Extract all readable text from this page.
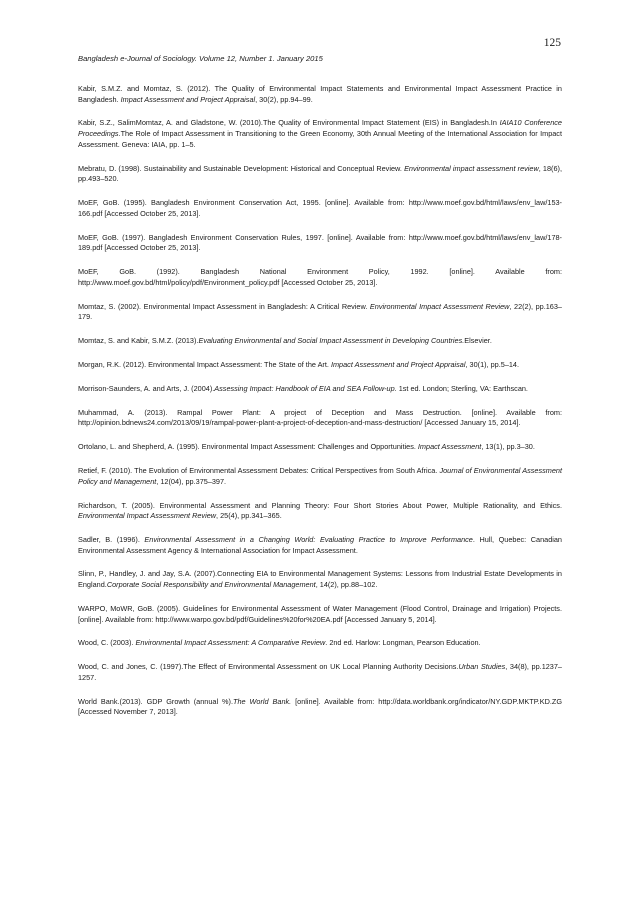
125
Bangladesh e-Journal of Sociology. Volume 12, Number 1. January 2015

Kabir, S.M.Z. and Momtaz, S. (2012). The Quality of Environmental Impact Statements and Environmental Impact Assessment Practice in Bangladesh. Impact Assessment and Project Appraisal, 30(2), pp.94–99.

Kabir, S.Z., SalimMomtaz, A. and Gladstone, W. (2010).The Quality of Environmental Impact Statement (EIS) in Bangladesh.In IAIA10 Conference Proceedings.The Role of Impact Assessment in Transitioning to the Green Economy, 30th Annual Meeting of the International Association for Impact Assessment. Geneva: IAIA, pp. 1–5.

Mebratu, D. (1998). Sustainability and Sustainable Development: Historical and Conceptual Review. Environmental impact assessment review, 18(6), pp.493–520.

MoEF, GoB. (1995). Bangladesh Environment Conservation Act, 1995. [online]. Available from: http://www.moef.gov.bd/html/laws/env_law/153-166.pdf [Accessed October 25, 2013].

MoEF, GoB. (1997). Bangladesh Environment Conservation Rules, 1997. [online]. Available from: http://www.moef.gov.bd/html/laws/env_law/178-189.pdf [Accessed October 25, 2013].

MoEF, GoB. (1992). Bangladesh National Environment Policy, 1992. [online]. Available from: http://www.moef.gov.bd/html/policy/pdf/Environment_policy.pdf [Accessed October 25, 2013].

Momtaz, S. (2002). Environmental Impact Assessment in Bangladesh: A Critical Review. Environmental Impact Assessment Review, 22(2), pp.163–179.

Momtaz, S. and Kabir, S.M.Z. (2013).Evaluating Environmental and Social Impact Assessment in Developing Countries.Elsevier.

Morgan, R.K. (2012). Environmental Impact Assessment: The State of the Art. Impact Assessment and Project Appraisal, 30(1), pp.5–14.

Morrison-Saunders, A. and Arts, J. (2004).Assessing Impact: Handbook of EIA and SEA Follow-up. 1st ed. London; Sterling, VA: Earthscan.

Muhammad, A. (2013). Rampal Power Plant: A project of Deception and Mass Destruction. [online]. Available from: http://opinion.bdnews24.com/2013/09/19/rampal-power-plant-a-project-of-deception-and-mass-destruction/ [Accessed January 15, 2014].

Ortolano, L. and Shepherd, A. (1995). Environmental Impact Assessment: Challenges and Opportunities. Impact Assessment, 13(1), pp.3–30.

Retief, F. (2010). The Evolution of Environmental Assessment Debates: Critical Perspectives from South Africa. Journal of Environmental Assessment Policy and Management, 12(04), pp.375–397.

Richardson, T. (2005). Environmental Assessment and Planning Theory: Four Short Stories About Power, Multiple Rationality, and Ethics. Environmental Impact Assessment Review, 25(4), pp.341–365.

Sadler, B. (1996). Environmental Assessment in a Changing World: Evaluating Practice to Improve Performance. Hull, Quebec: Canadian Environmental Assessment Agency & International Association for Impact Assessment.

Slinn, P., Handley, J. and Jay, S.A. (2007).Connecting EIA to Environmental Management Systems: Lessons from Industrial Estate Developments in England.Corporate Social Responsibility and Environmental Management, 14(2), pp.88–102.

WARPO, MoWR, GoB. (2005). Guidelines for Environmental Assessment of Water Management (Flood Control, Drainage and Irrigation) Projects. [online]. Available from: http://www.warpo.gov.bd/pdf/Guidelines%20for%20EA.pdf [Accessed January 5, 2014].

Wood, C. (2003). Environmental Impact Assessment: A Comparative Review. 2nd ed. Harlow: Longman, Pearson Education.

Wood, C. and Jones, C. (1997).The Effect of Environmental Assessment on UK Local Planning Authority Decisions.Urban Studies, 34(8), pp.1237–1257.

World Bank.(2013). GDP Growth (annual %).The World Bank. [online]. Available from: http://data.worldbank.org/indicator/NY.GDP.MKTP.KD.ZG [Accessed November 7, 2013].
